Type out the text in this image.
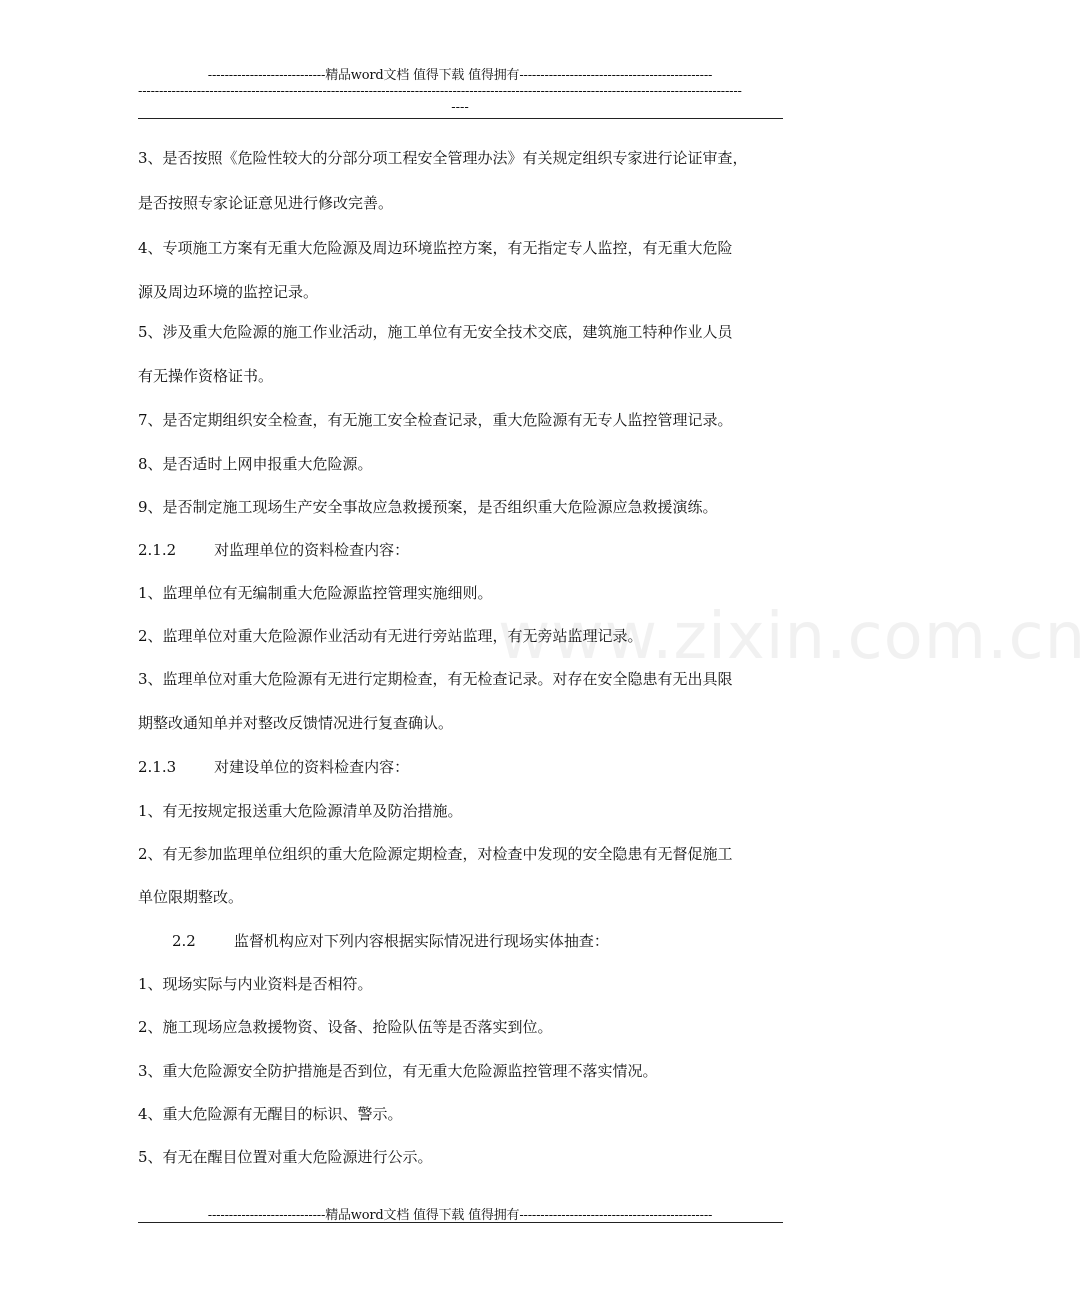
----------------------------精品word文档 值得下载 值得拥有----------------------------------------------
------------------------------------------------------------------------------------------------------------------------------------------------
----
www.zixin.com.cn
3、是否按照《危险性较大的分部分项工程安全管理办法》有关规定组织专家进行论证审查，
是否按照专家论证意见进行修改完善。
4、专项施工方案有无重大危险源及周边环境监控方案，有无指定专人监控，有无重大危险
源及周边环境的监控记录。
5、涉及重大危险源的施工作业活动，施工单位有无安全技术交底，建筑施工特种作业人员
有无操作资格证书。
7、是否定期组织安全检查，有无施工安全检查记录，重大危险源有无专人监控管理记录。
8、是否适时上网申报重大危险源。
9、是否制定施工现场生产安全事故应急救援预案，是否组织重大危险源应急救援演练。
2.1.2	对监理单位的资料检查内容：
1、监理单位有无编制重大危险源监控管理实施细则。
2、监理单位对重大危险源作业活动有无进行旁站监理，有无旁站监理记录。
3、监理单位对重大危险源有无进行定期检查，有无检查记录。对存在安全隐患有无出具限
期整改通知单并对整改反馈情况进行复查确认。
2.1.3	对建设单位的资料检查内容：
1、有无按规定报送重大危险源清单及防治措施。
2、有无参加监理单位组织的重大危险源定期检查，对检查中发现的安全隐患有无督促施工
单位限期整改。
2.2	监督机构应对下列内容根据实际情况进行现场实体抽查：
1、现场实际与内业资料是否相符。
2、施工现场应急救援物资、设备、抢险队伍等是否落实到位。
3、重大危险源安全防护措施是否到位，有无重大危险源监控管理不落实情况。
4、重大危险源有无醒目的标识、警示。
5、有无在醒目位置对重大危险源进行公示。
----------------------------精品word文档 值得下载 值得拥有----------------------------------------------
